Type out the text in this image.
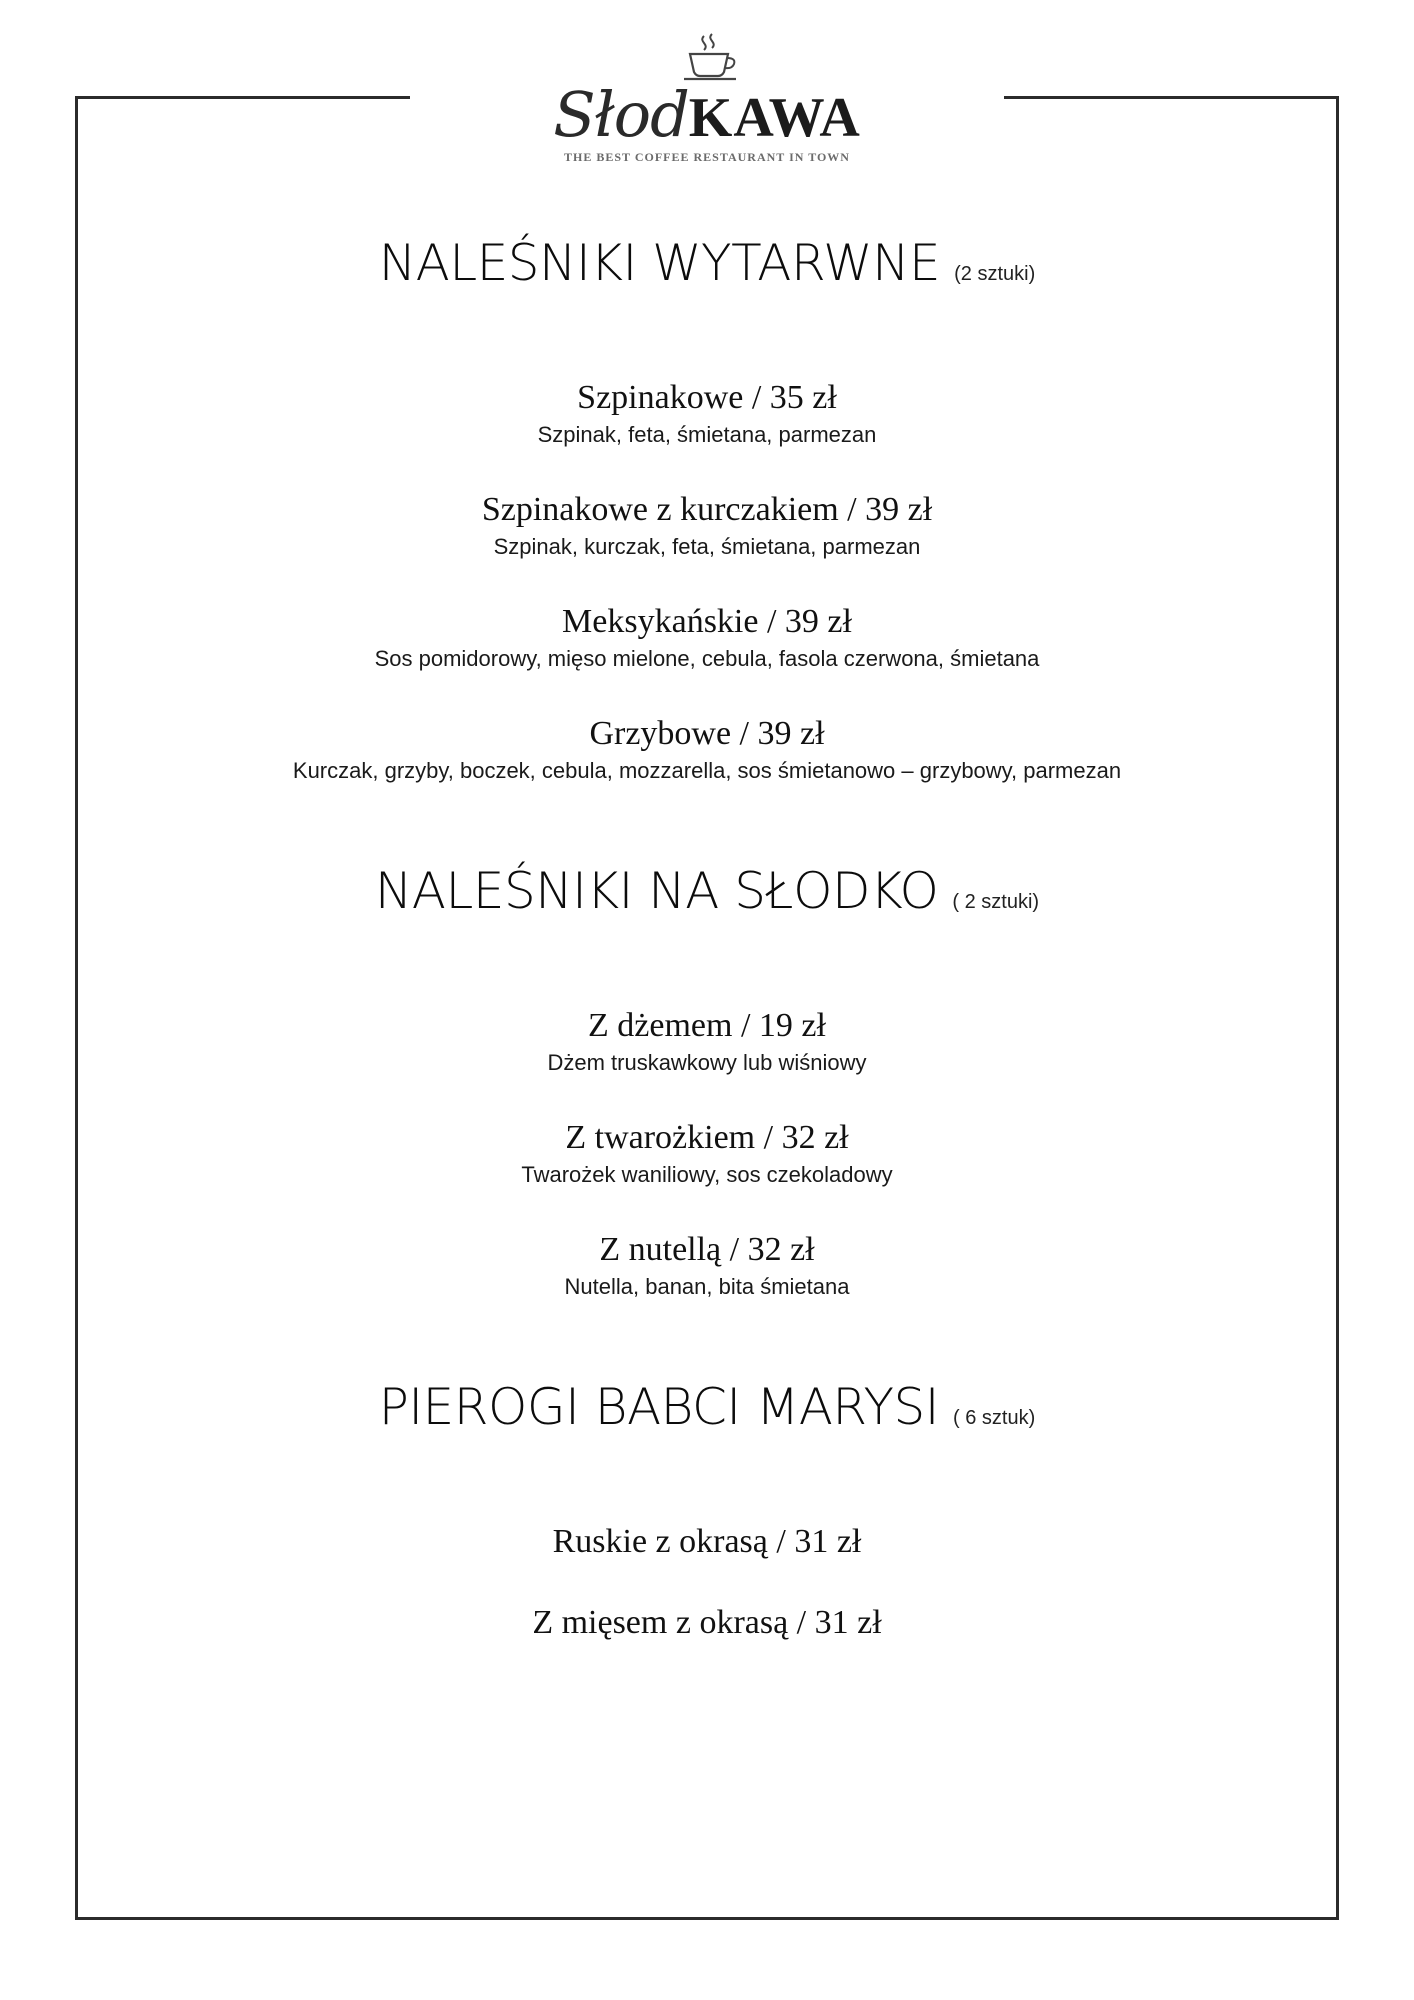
Słod KAWA
THE BEST COFFEE RESTAURANT IN TOWN
NALEŚNIKI WYTARWNE (2 sztuki)
Szpinakowe / 35 zł
Szpinak, feta, śmietana, parmezan
Szpinakowe z kurczakiem / 39 zł
Szpinak, kurczak, feta, śmietana, parmezan
Meksykańskie / 39 zł
Sos pomidorowy, mięso mielone, cebula, fasola czerwona, śmietana
Grzybowe / 39 zł
Kurczak, grzyby, boczek, cebula, mozzarella, sos śmietanowo – grzybowy, parmezan
NALEŚNIKI NA SŁODKO ( 2 sztuki)
Z dżemem / 19 zł
Dżem truskawkowy lub wiśniowy
Z twarożkiem / 32 zł
Twarożek waniliowy, sos czekoladowy
Z nutellą / 32 zł
Nutella, banan, bita śmietana
PIEROGI BABCI MARYSI ( 6 sztuk)
Ruskie z okrasą / 31 zł
Z mięsem z okrasą / 31 zł
